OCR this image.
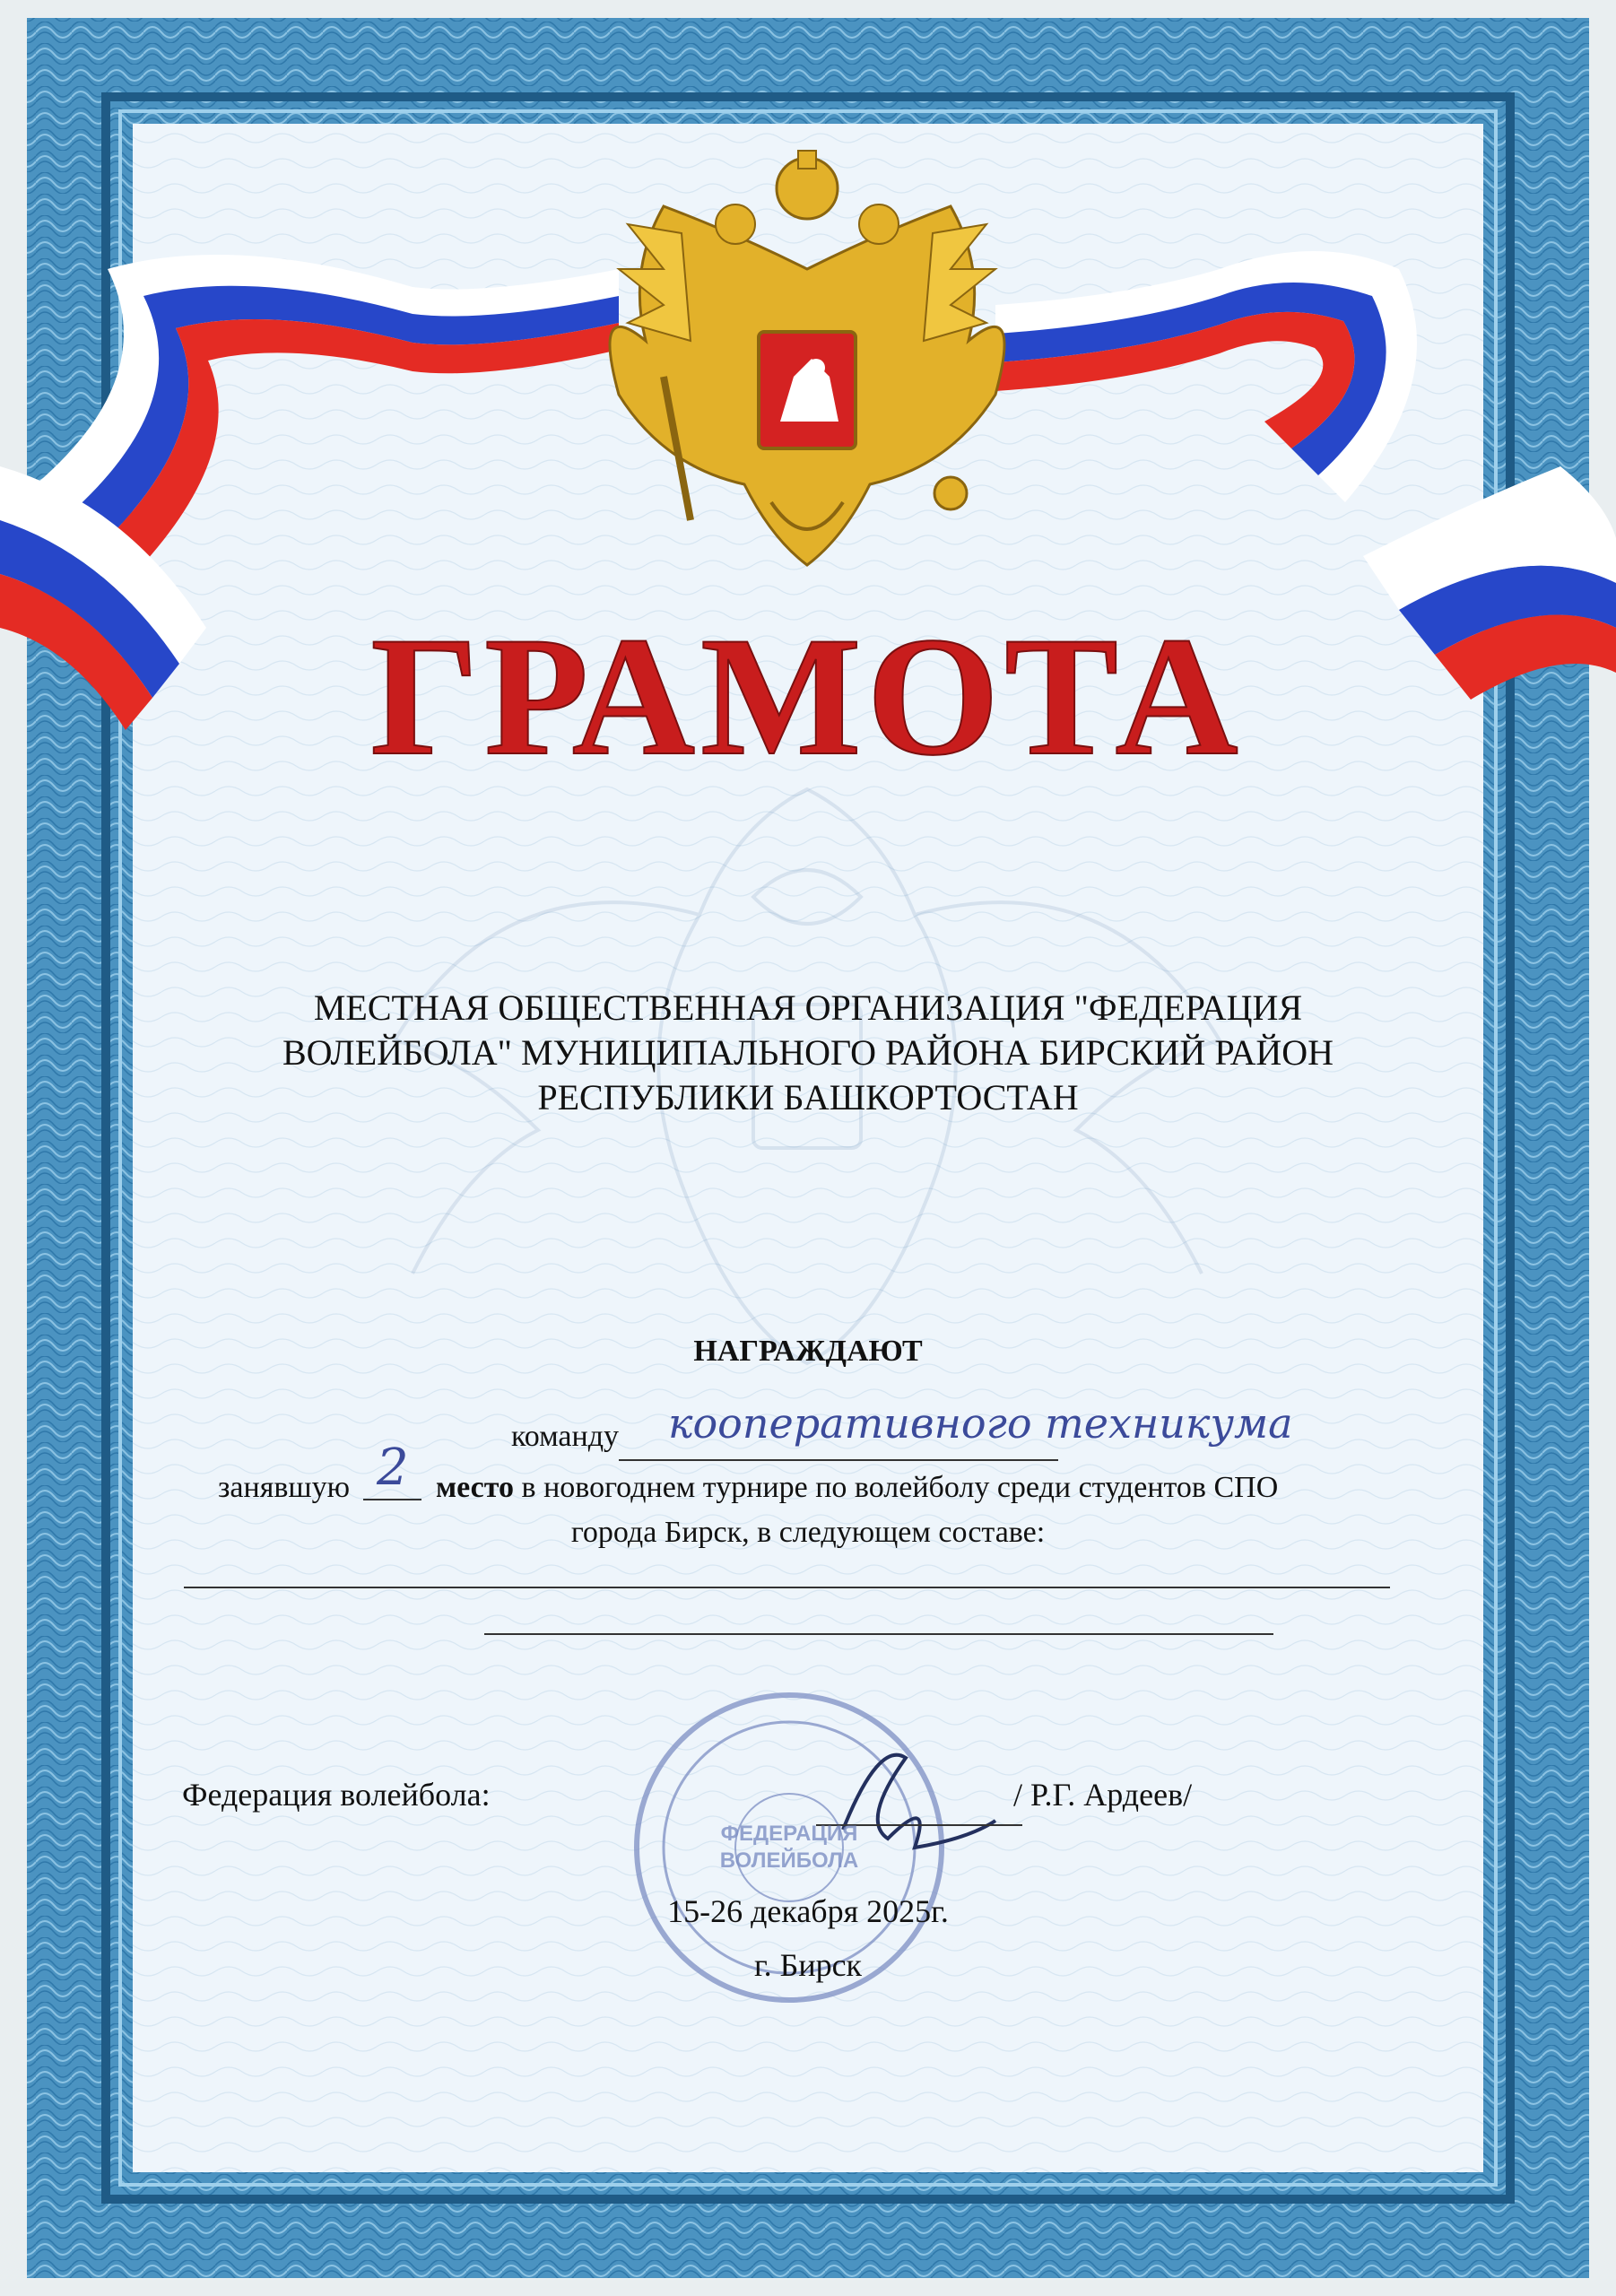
ГРАМОТА
МЕСТНАЯ ОБЩЕСТВЕННАЯ ОРГАНИЗАЦИЯ "ФЕДЕРАЦИЯ
ВОЛЕЙБОЛА" МУНИЦИПАЛЬНОГО РАЙОНА БИРСКИЙ РАЙОН
РЕСПУБЛИКИ БАШКОРТОСТАН
НАГРАЖДАЮТ
команду кооперативного техникума
занявшую 2 место в новогоднем турнире по волейболу среди студентов СПО
города Бирск, в следующем составе:
Федерация волейбола:	/ Р.Г. Ардеев/
ФЕДЕРАЦИЯ ВОЛЕЙБОЛА
15-26 декабря 2025г.
г. Бирск
